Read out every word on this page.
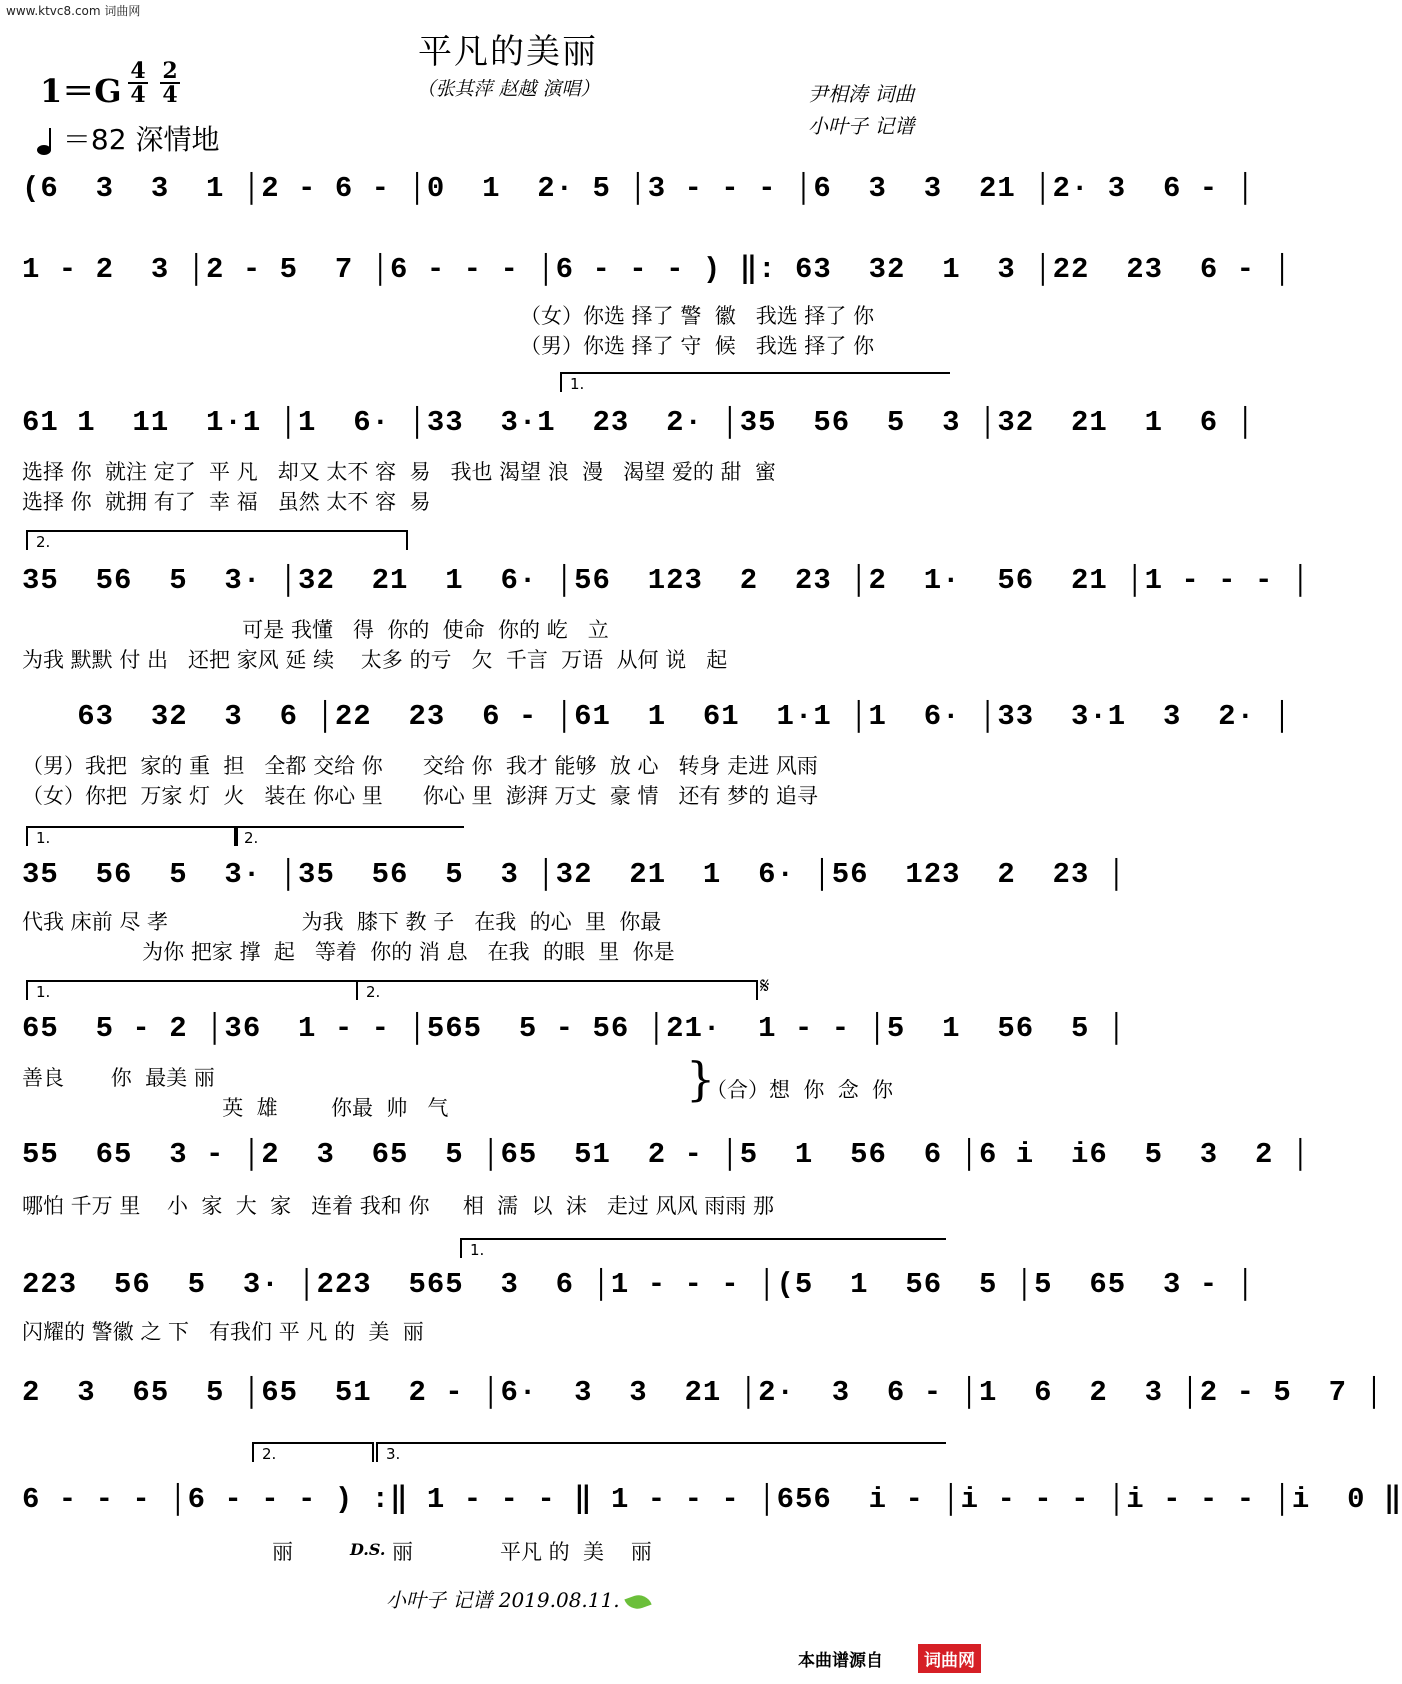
www.ktvc8.com 词曲网
平凡的美丽
（张其萍 赵越 演唱）
1＝G
4
4
2
4
＝82 深情地
尹相涛 词曲
小叶子 记谱
(6  3  3  1 │2 - 6 - │0  1  2· 5 │3 - - - │6  3  3  21 │2· 3  6 - │
1 - 2  3 │2 - 5  7 │6 - - - │6 - - - ) ‖: 63  32  1  3 │22  23  6 - │
（女）你选 择了 警  徽   我选 择了 你
（男）你选 择了 守  候   我选 择了 你
1.
61 1  11  1·1 │1  6· │33  3·1  23  2· │35  56  5  3 │32  21  1  6 │
选择 你  就注 定了  平 凡   却又 太不 容  易   我也 渴望 浪  漫   渴望 爱的 甜  蜜
选择 你  就拥 有了  幸 福   虽然 太不 容  易
2.
35  56  5  3· │32  21  1  6· │56  123  2  23 │2  1·  56  21 │1 - - - │
可是 我懂   得  你的  使命  你的 屹   立
为我 默默 付 出   还把 家风 延 续    太多 的亏   欠  千言  万语  从何 说   起
63  32  3  6 │22  23  6 - │61  1  61  1·1 │1  6· │33  3·1  3  2· │
（男）我把  家的 重  担   全都 交给 你      交给 你  我才 能够  放 心   转身 走进 风雨
（女）你把  万家 灯  火   装在 你心 里      你心 里  澎湃 万丈  豪 情   还有 梦的 追寻
1.	2.
35  56  5  3· │35  56  5  3 │32  21  1  6· │56  123  2  23 │
代我 床前 尽 孝                    为我  膝下 教 子   在我  的心  里  你最
为你 把家 撑  起   等着  你的 消 息   在我  的眼  里  你是
1.	2.	𝄋
65  5 - 2 │36  1 - - │565  5 - 56 │21·  1 - - │5  1  56  5 │
善良       你  最美 丽
英  雄        你最  帅   气
}
（合）想  你  念  你
55  65  3 - │2  3  65  5 │65  51  2 - │5  1  56  6 │6 i  i6  5  3  2 │
哪怕 千万 里    小  家  大  家   连着 我和 你     相  濡  以  沫   走过 风风 雨雨 那
1.
223  56  5  3· │223  565  3  6 │1 - - - │(5  1  56  5 │5  65  3 - │
闪耀的 警徽 之 下   有我们 平 凡 的  美  丽
2  3  65  5 │65  51  2 - │6·  3  3  21 │2·  3  6 - │1  6  2  3 │2 - 5  7 │
2.	3.
6 - - - │6 - - - ) :‖ 1 - - - ‖ 1 - - - │656  i - │i - - - │i - - - │i  0 ‖
丽	D.S. 丽	平凡 的  美    丽
小叶子 记谱 2019.08.11.
本曲谱源自	词曲网
